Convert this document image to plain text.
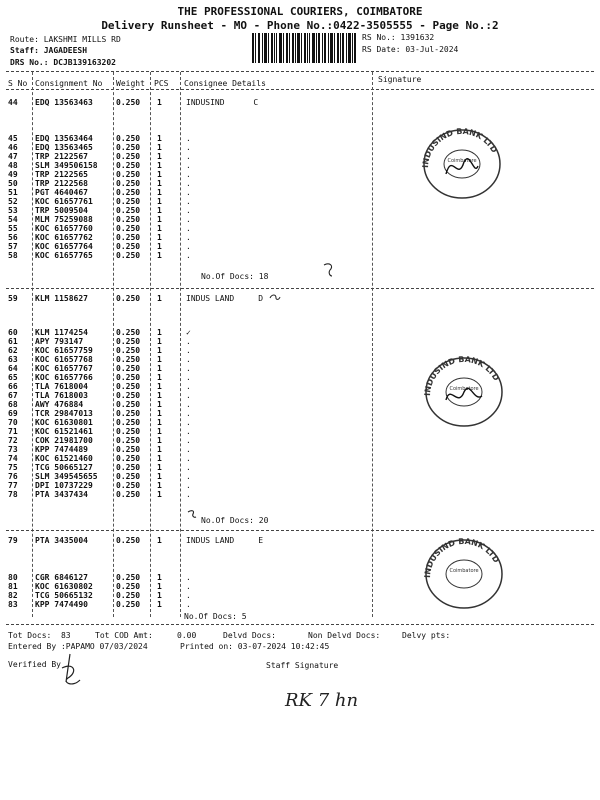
THE PROFESSIONAL COURIERS, COIMBATORE
Delivery Runsheet - MO - Phone No.:0422-3505555 - Page No.:2
Route: LAKSHMI MILLS RD
Staff: JAGADEESH
DRS No.: DCJB139163202
RS No.: 1391632
RS Date: 03-Jul-2024
S No Consignment No Weight PCS Consignee Details	Signature
44 EDQ 13563463	0.250 1	INDUSIND      C
45 EDQ 13563464	0.250 1	.
46 EDQ 13563465	0.250 1	.
47 TRP 2122567	0.250 1	.
48 SLM 349506158 0.250 1	.
49 TRP 2122565	0.250 1	.
50 TRP 2122568	0.250 1	.
51 PGT 4640467	0.250 1	.
52 KOC 61657761	0.250 1	.
53 TRP 5009504	0.250 1	.
54 MLM 75259088	0.250 1	.
55 KOC 61657760	0.250 1	.
56 KOC 61657762	0.250 1	.
57 KOC 61657764	0.250 1	.
58 KOC 61657765	0.250 1	.
No.Of Docs: 18
59 KLM 1158627	0.250 1	INDUS LAND     D
60 KLM 1174254	0.250 1	✓
61 APY 793147	0.250 1	.
62 KOC 61657759	0.250 1	.
63 KOC 61657768	0.250 1	.
64 KOC 61657767	0.250 1	.
65 KOC 61657766	0.250 1	.
66 TLA 7618004	0.250 1	.
67 TLA 7618003	0.250 1	.
68 AWY 476884	0.250 1	.
69 TCR 29847013	0.250 1	.
70 KOC 61630801	0.250 1	.
71 KOC 61521461	0.250 1	.
72 COK 21981700	0.250 1	.
73 KPP 7474489	0.250 1	.
74 KOC 61521460	0.250 1	.
75 TCG 50665127	0.250 1	.
76 SLM 349545655 0.250 1	.
77 DPI 10737229	0.250 1	.
78 PTA 3437434	0.250 1	.
No.Of Docs: 20
79 PTA 3435004	0.250 1	INDUS LAND     E
80 CGR 6846127	0.250 1	.
81 KOC 61630802	0.250 1	.
82 TCG 50665132	0.250 1	.
83 KPP 7474490	0.250 1	.
No.Of Docs: 5
Tot Docs:  83	Tot COD Amt:	0.00	Delvd Docs:	Non Delvd Docs:	Delvy pts:
Entered By :PAPAMO 07/03/2024	Printed on: 03-07-2024 10:42:45
Verified By	Staff Signature
RK 7 hn
INDUSIND BANK LTD
Coimbatore
INDUSIND BANK LTD
Coimbatore
INDUSIND BANK LTD
Coimbatore
